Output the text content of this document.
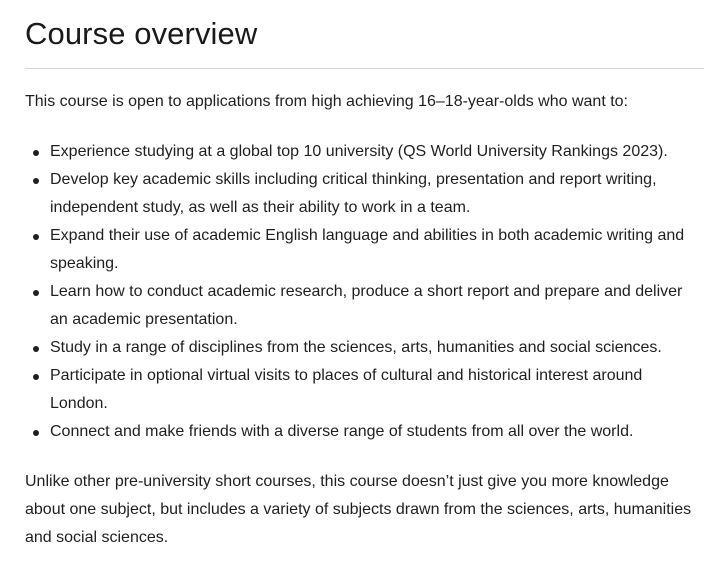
Course overview

This course is open to applications from high achieving 16–18-year-olds who want to:

Experience studying at a global top 10 university (QS World University Rankings 2023).
Develop key academic skills including critical thinking, presentation and report writing, independent study, as well as their ability to work in a team.
Expand their use of academic English language and abilities in both academic writing and speaking.
Learn how to conduct academic research, produce a short report and prepare and deliver an academic presentation.
Study in a range of disciplines from the sciences, arts, humanities and social sciences.
Participate in optional virtual visits to places of cultural and historical interest around London.
Connect and make friends with a diverse range of students from all over the world.

Unlike other pre-university short courses, this course doesn’t just give you more knowledge about one subject, but includes a variety of subjects drawn from the sciences, arts, humanities and social sciences.
